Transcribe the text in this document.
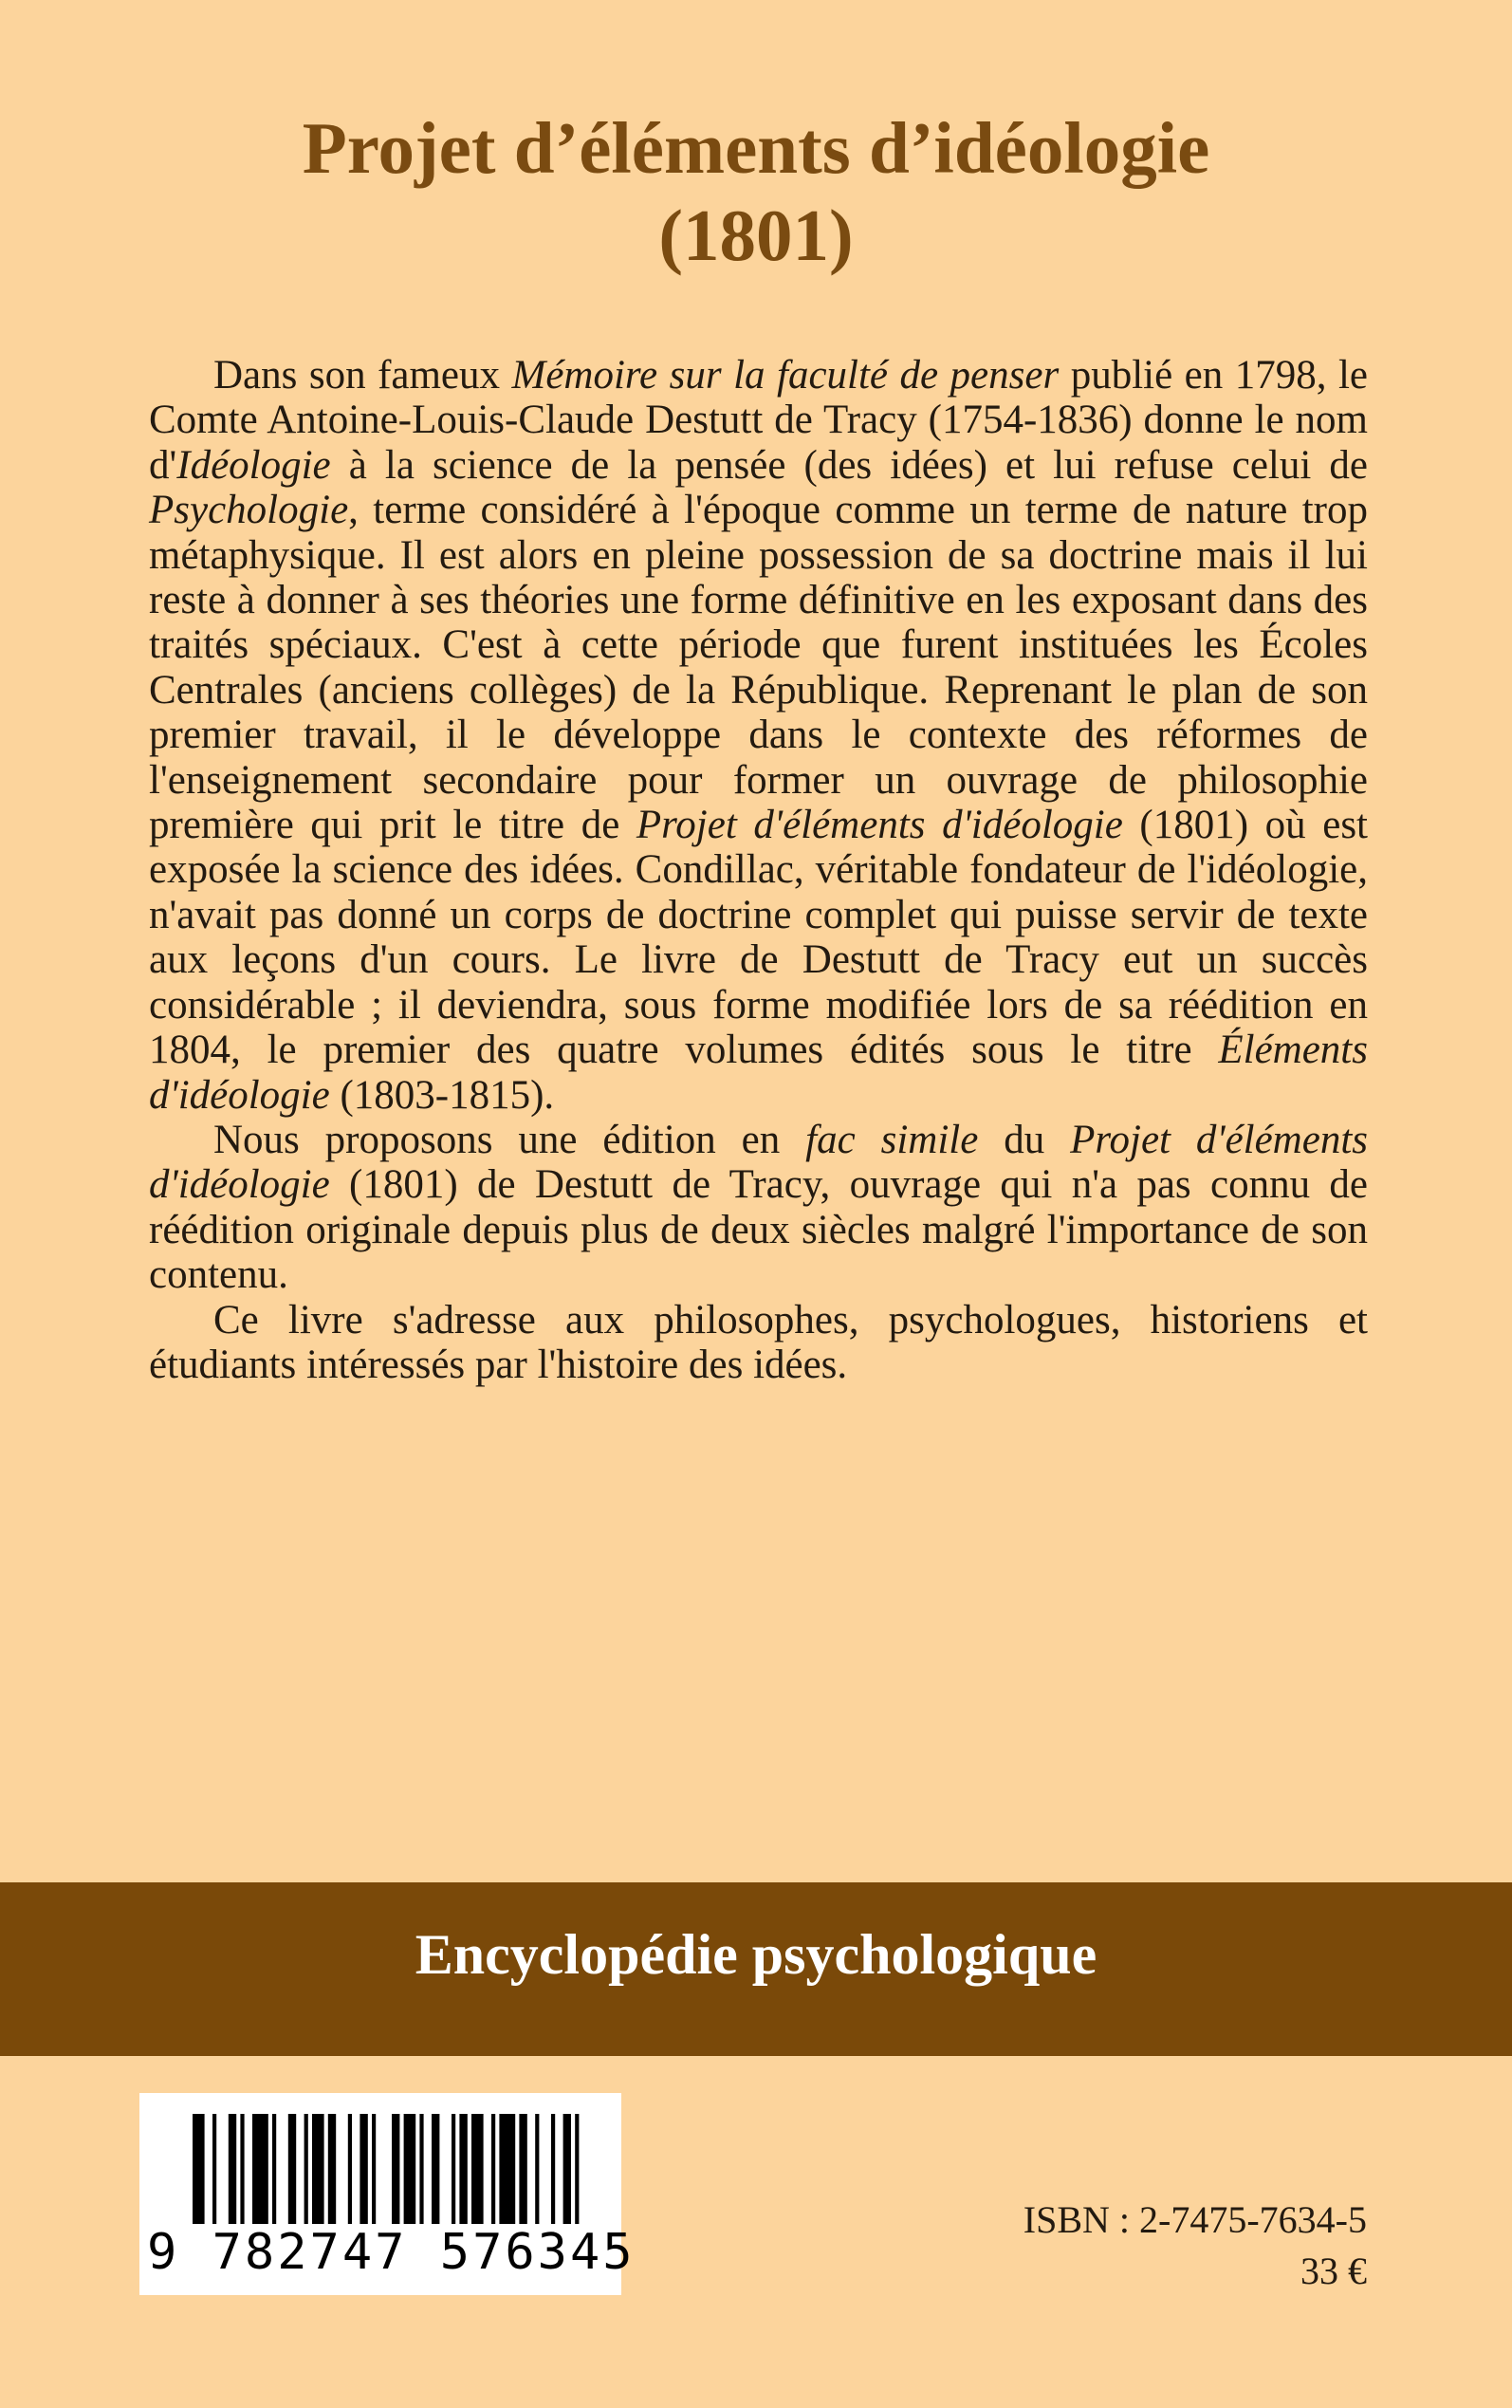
Projet d’éléments d’idéologie
(1801)

Dans son fameux Mémoire sur la faculté de penser publié en 1798, le Comte Antoine-Louis-Claude Destutt de Tracy (1754-1836) donne le nom d'Idéologie à la science de la pensée (des idées) et lui refuse celui de Psychologie, terme considéré à l'époque comme un terme de nature trop métaphysique. Il est alors en pleine possession de sa doctrine mais il lui reste à donner à ses théories une forme définitive en les exposant dans des traités spéciaux. C'est à cette période que furent instituées les Écoles Centrales (anciens collèges) de la République. Reprenant le plan de son premier travail, il le développe dans le contexte des réformes de l'enseignement secondaire pour former un ouvrage de philosophie première qui prit le titre de Projet d'éléments d'idéologie (1801) où est exposée la science des idées. Condillac, véritable fondateur de l'idéologie, n'avait pas donné un corps de doctrine complet qui puisse servir de texte aux leçons d'un cours. Le livre de Destutt de Tracy eut un succès considérable ; il deviendra, sous forme modifiée lors de sa réédition en 1804, le premier des quatre volumes édités sous le titre Éléments d'idéologie (1803-1815).

Nous proposons une édition en fac simile du Projet d'éléments d'idéologie (1801) de Destutt de Tracy, ouvrage qui n'a pas connu de réédition originale depuis plus de deux siècles malgré l'importance de son contenu.

Ce livre s'adresse aux philosophes, psychologues, historiens et étudiants intéressés par l'histoire des idées.

Encyclopédie psychologique

9 782747 576345

ISBN : 2-7475-7634-5

33 €
